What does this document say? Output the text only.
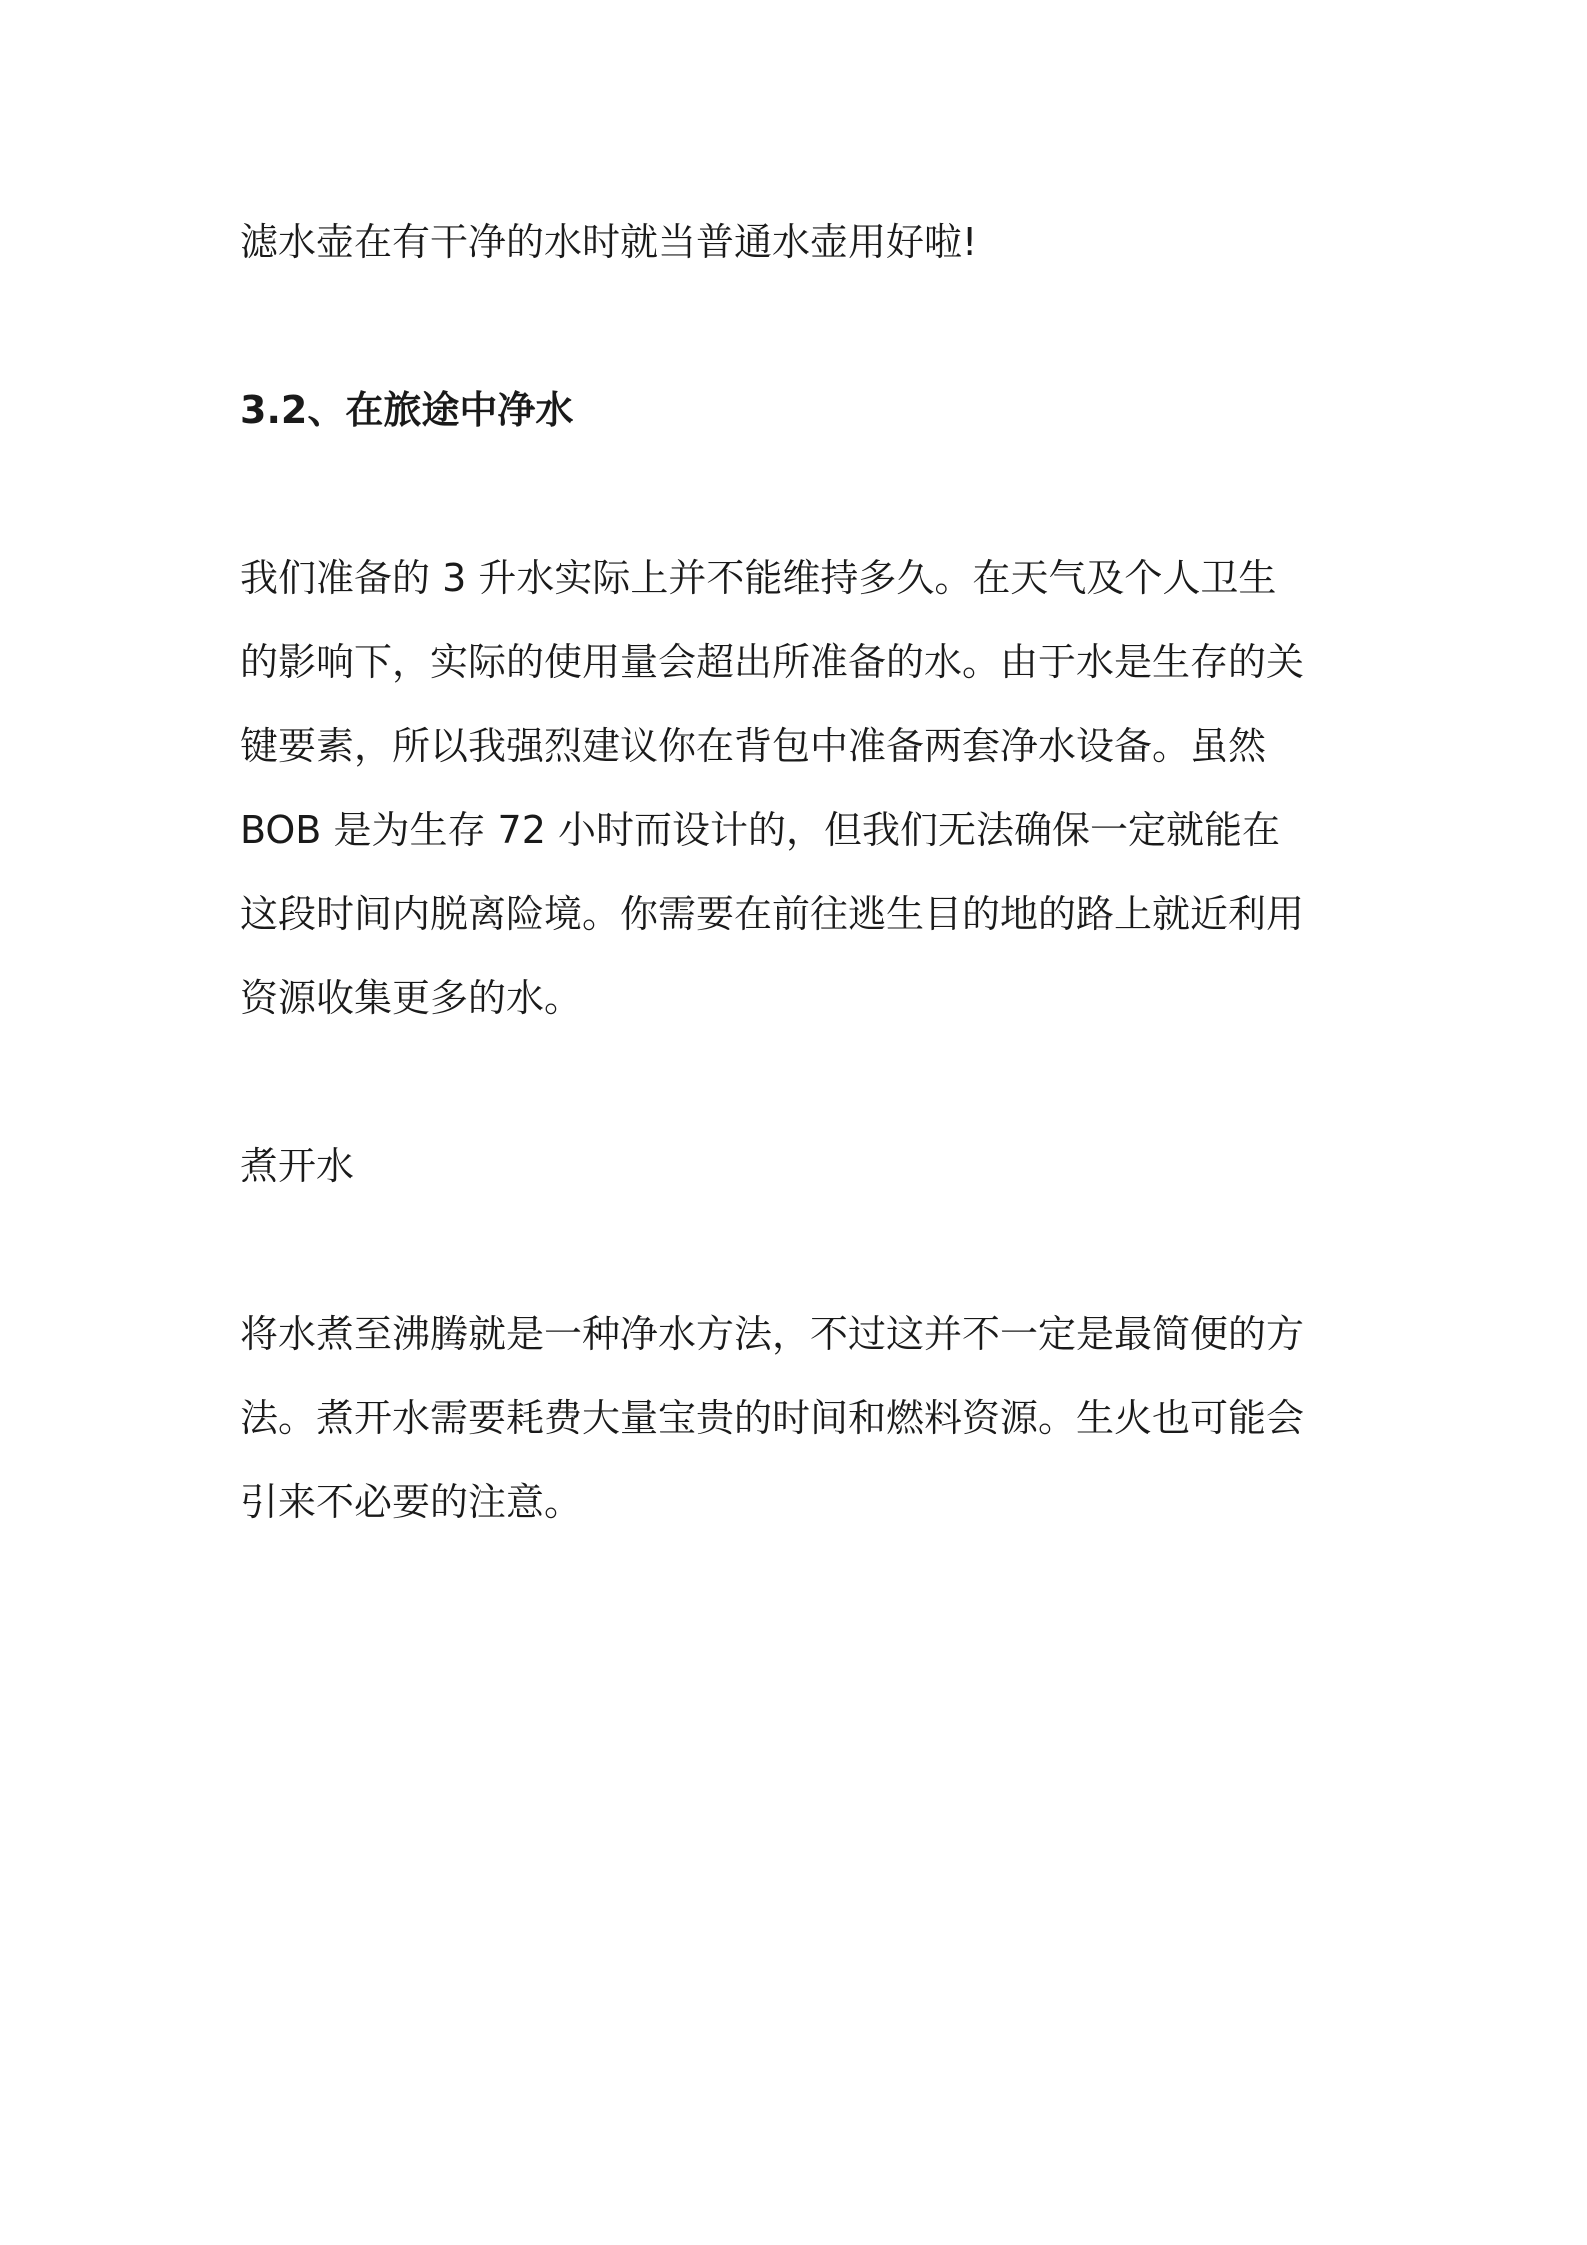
滤水壶在有干净的水时就当普通水壶用好啦!

3.2、在旅途中净水

我们准备的 3 升水实际上并不能维持多久。在天气及个人卫生

的影响下，实际的使用量会超出所准备的水。由于水是生存的关

键要素，所以我强烈建议你在背包中准备两套净水设备。虽然

BOB 是为生存 72 小时而设计的，但我们无法确保一定就能在

这段时间内脱离险境。你需要在前往逃生目的地的路上就近利用

资源收集更多的水。

煮开水

将水煮至沸腾就是一种净水方法，不过这并不一定是最简便的方

法。煮开水需要耗费大量宝贵的时间和燃料资源。生火也可能会

引来不必要的注意。
